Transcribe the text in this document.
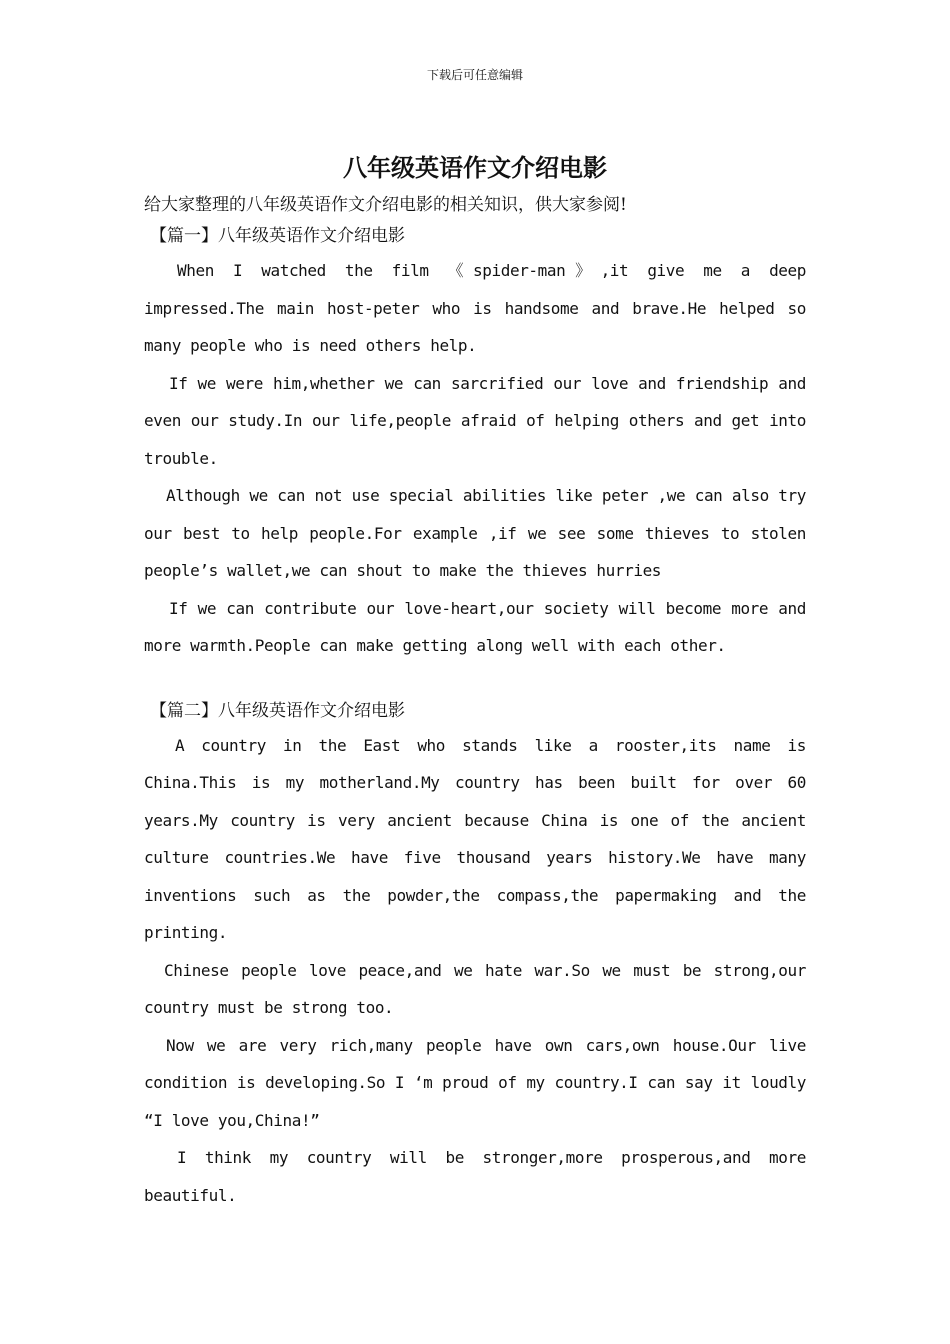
下载后可任意编辑
八年级英语作文介绍电影

给大家整理的八年级英语作文介绍电影的相关知识，供大家参阅!

【篇一】八年级英语作文介绍电影

When I watched the film 《spider-man》,it give me a deep impressed.The main host-peter who is handsome and brave.He helped so many people who is need others help.

If we were him,whether we can sarcrified our love and friendship and even our study.In our life,people afraid of helping others and get into trouble.

Although we can not use special abilities like peter ,we can also try our best to help people.For example ,if we see some thieves to stolen people’s wallet,we can shout to make the thieves hurries

If we can contribute our love-heart,our society will become more and more warmth.People can make getting along well with each other.

【篇二】八年级英语作文介绍电影

A country in the East who stands like a rooster,its name is China.This is my motherland.My country has been built for over 60 years.My country is very ancient because China is one of the ancient culture countries.We have five thousand years history.We have many inventions such as the powder,the compass,the papermaking and the printing.

Chinese people love peace,and we hate war.So we must be strong,our country must be strong too.

Now we are very rich,many people have own cars,own house.Our live condition is developing.So I ‘m proud of my country.I can say it loudly “I love you,China!”

I think my country will be stronger,more prosperous,and more beautiful.
